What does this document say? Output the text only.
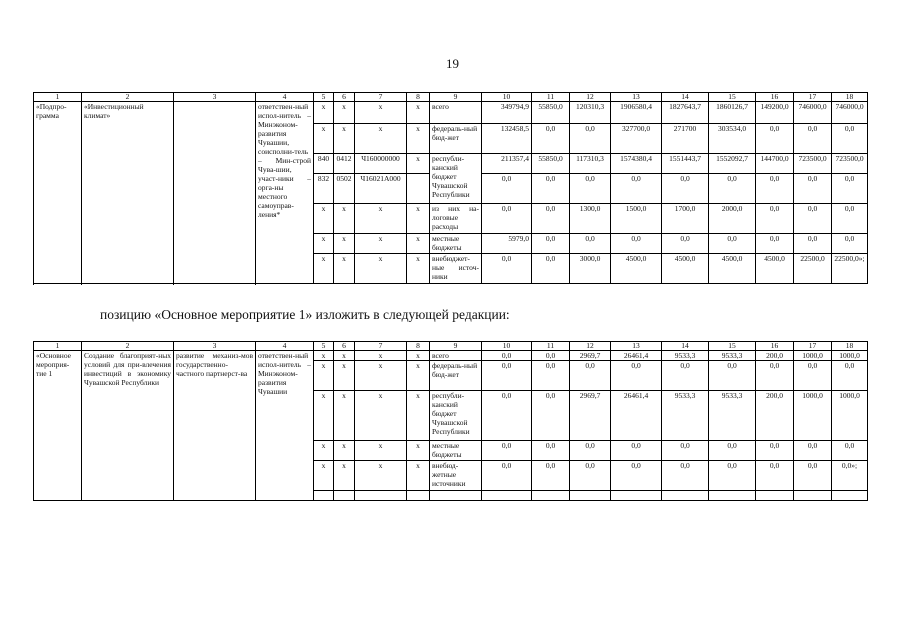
19
1	2	3	4	5	6	7	8	9	10	11	12	13	14	15	16	17	18
«Подпро-грамма	«Инвестиционный климат»		ответствен-ный испол-нитель – Минэконом-развития Чувашии, соисполни-тель – Мин-строй Чува-шии, участ-ники – орга-ны местного самоуправ-ления*	x	x	x	x	всего	349794,9	55850,0	120310,3	1906580,4	1827643,7	1860126,7	149200,0	746000,0	746000,0
				x	x	x	x	федераль-ный бюд-жет	132458,5	0,0	0,0	327700,0	271700	303534,0	0,0	0,0	0,0
				840	0412	Ч160000000	x	республи-канский бюджет Чувашской Республики	211357,4	55850,0	117310,3	1574380,4	1551443,7	1552092,7	144700,0	723500,0	723500,0
				832	0502	Ч16021A000			0,0	0,0	0,0	0,0	0,0	0,0	0,0	0,0	0,0
				x	x	x	x	из них на-логовые расходы	0,0	0,0	1300,0	1500,0	1700,0	2000,0	0,0	0,0	0,0
				x	x	x	x	местные бюджеты	5979,0	0,0	0,0	0,0	0,0	0,0	0,0	0,0	0,0
				x	x	x	x	внебюджет-ные источ-ники	0,0	0,0	3000,0	4500,0	4500,0	4500,0	4500,0	22500,0	22500,0»;

позицию «Основное мероприятие 1» изложить в следующей редакции:
1	2	3	4	5	6	7	8	9	10	11	12	13	14	15	16	17	18
«Основное мероприя-тие 1	Создание благоприят-ных условий для при-влечения инвестиций в экономику Чувашской Республики	развитие механиз-мов государственно-частного партнерст-ва	ответствен-ный испол-нитель – Минэконом-развития Чувашии	x	x	x	x	всего	0,0	0,0	2969,7	26461,4	9533,3	9533,3	200,0	1000,0	1000,0
				x	x	x	x	федераль-ный бюд-жет	0,0	0,0	0,0	0,0	0,0	0,0	0,0	0,0	0,0
				x	x	x	x	республи-канский бюджет Чувашской Республики	0,0	0,0	2969,7	26461,4	9533,3	9533,3	200,0	1000,0	1000,0
				x	x	x	x	местные бюджеты	0,0	0,0	0,0	0,0	0,0	0,0	0,0	0,0	0,0
				x	x	x	x	внебюд-жетные источники	0,0	0,0	0,0	0,0	0,0	0,0	0,0	0,0	0,0»;
